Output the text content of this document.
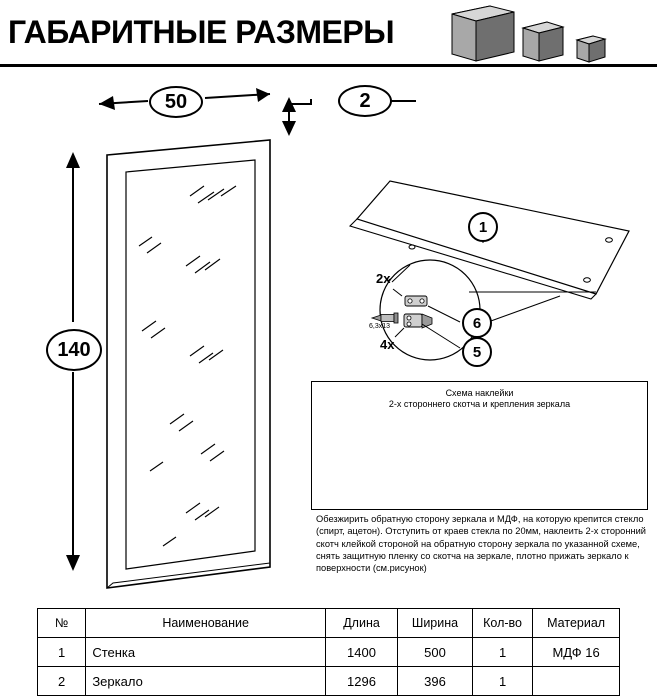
ГАБАРИТНЫЕ РАЗМЕРЫ
50	2
140
1
6
5
2x
4x
6,3x13
Схема наклейки
2-х стороннего скотча и крепления зеркала
Обезжирить обратную сторону зеркала и МДФ, на которую крепится стекло (спирт, ацетон). Отступить от краев стекла по 20мм, наклеить 2-х сторонний скотч клейкой стороной на обратную сторону зеркала по указанной схеме, снять защитную пленку со скотча на зеркале, плотно прижать зеркало к поверхности (см.рисунок)
№	Наименование	Длина	Ширина	Кол-во	Материал
1	Стенка	1400	500	1	МДФ 16
2	Зеркало	1296	396	1	
